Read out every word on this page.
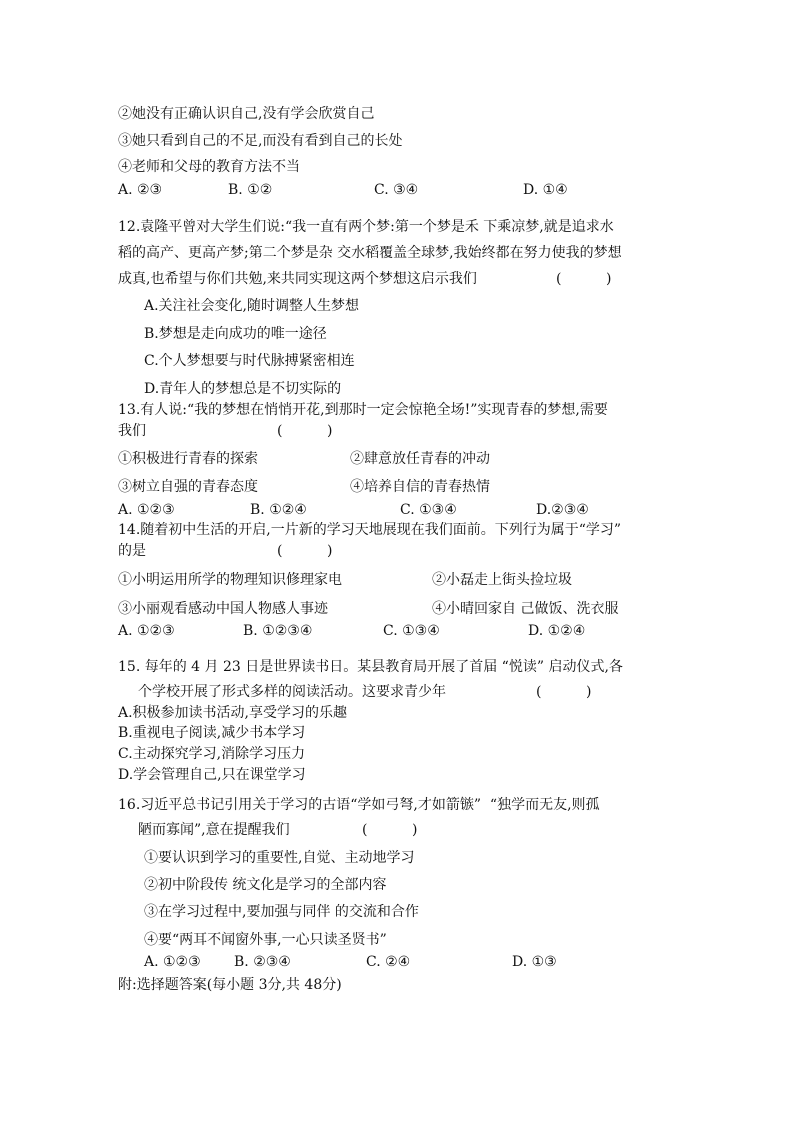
②她没有正确认识自己,没有学会欣赏自己
③她只看到自己的不足,而没有看到自己的长处
④老师和父母的教育方法不当
A. ②③	B. ①②	C. ③④	D. ①④
12.袁隆平曾对大学生们说:“我一直有两个梦:第一个梦是禾 下乘凉梦,就是追求水
稻的高产、更高产梦;第二个梦是杂 交水稻覆盖全球梦,我始终都在努力使我的梦想
成真,也希望与你们共勉,来共同实现这两个梦想这启示我们	(          )
A.关注社会变化,随时调整人生梦想
B.梦想是走向成功的唯一途径
C.个人梦想要与时代脉搏紧密相连
D.青年人的梦想总是不切实际的
13.有人说:“我的梦想在悄悄开花,到那时一定会惊艳全场!”实现青春的梦想,需要
我们	(          )
①积极进行青春的探索	②肆意放任青春的冲动
③树立自强的青春态度	④培养自信的青春热情
A. ①②③	B. ①②④	C. ①③④	D.②③④
14.随着初中生活的开启,一片新的学习天地展现在我们面前。下列行为属于“学习”
的是	(          )
①小明运用所学的物理知识修理家电	②小磊走上街头捡垃圾
③小丽观看感动中国人物感人事迹	④小晴回家自 己做饭、洗衣服
A. ①②③	B. ①②③④	C. ①③④	D. ①②④
15. 每年的 4 月 23 日是世界读书日。某县教育局开展了首届 “悦读” 启动仪式,各
个学校开展了形式多样的阅读活动。这要求青少年	(          )
A.积极参加读书活动,享受学习的乐趣
B.重视电子阅读,减少书本学习
C.主动探究学习,消除学习压力
D.学会管理自己,只在课堂学习
16.习近平总书记引用关于学习的古语“学如弓弩,才如箭镞”  “独学而无友,则孤
陋而寡闻”,意在提醒我们	(          )
①要认识到学习的重要性,自觉、主动地学习
②初中阶段传 统文化是学习的全部内容
③在学习过程中,要加强与同伴 的交流和合作
④要“两耳不闻窗外事,一心只读圣贤书”
A. ①②③ B. ②③④	C. ②④	D. ①③
附:选择题答案(每小题 3分,共 48分)
